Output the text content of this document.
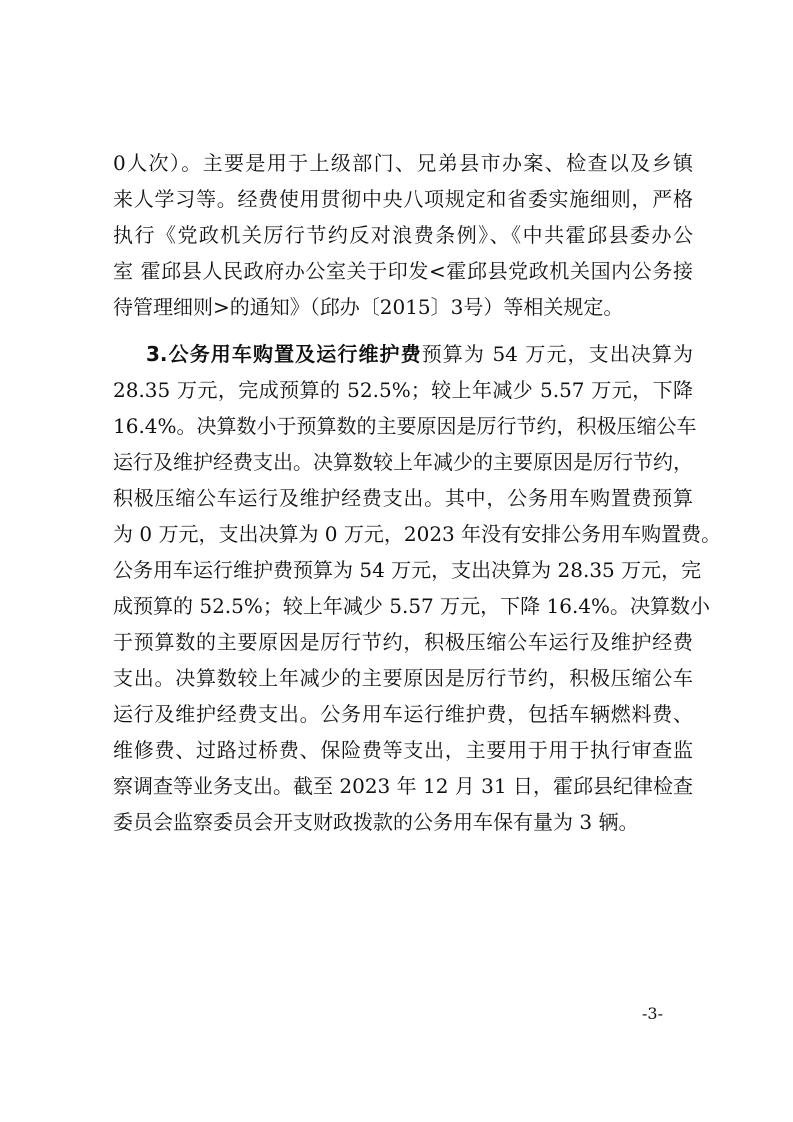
0人次）。主要是用于上级部门、兄弟县市办案、检查以及乡镇
来人学习等。经费使用贯彻中央八项规定和省委实施细则，严格
执行《党政机关厉行节约反对浪费条例》、《中共霍邱县委办公
室 霍邱县人民政府办公室关于印发<霍邱县党政机关国内公务接
待管理细则>的通知》（邱办〔2015〕3号）等相关规定。
3.公务用车购置及运行维护费预算为 54 万元，支出决算为
28.35 万元，完成预算的 52.5%；较上年减少 5.57 万元，下降
16.4%。决算数小于预算数的主要原因是厉行节约，积极压缩公车
运行及维护经费支出。决算数较上年减少的主要原因是厉行节约，
积极压缩公车运行及维护经费支出。其中，公务用车购置费预算
为 0 万元，支出决算为 0 万元，2023 年没有安排公务用车购置费。
公务用车运行维护费预算为 54 万元，支出决算为 28.35 万元，完
成预算的 52.5%；较上年减少 5.57 万元，下降 16.4%。决算数小
于预算数的主要原因是厉行节约，积极压缩公车运行及维护经费
支出。决算数较上年减少的主要原因是厉行节约，积极压缩公车
运行及维护经费支出。公务用车运行维护费，包括车辆燃料费、
维修费、过路过桥费、保险费等支出，主要用于用于执行审查监
察调查等业务支出。截至 2023 年 12 月 31 日，霍邱县纪律检查
委员会监察委员会开支财政拨款的公务用车保有量为 3 辆。
-3-
